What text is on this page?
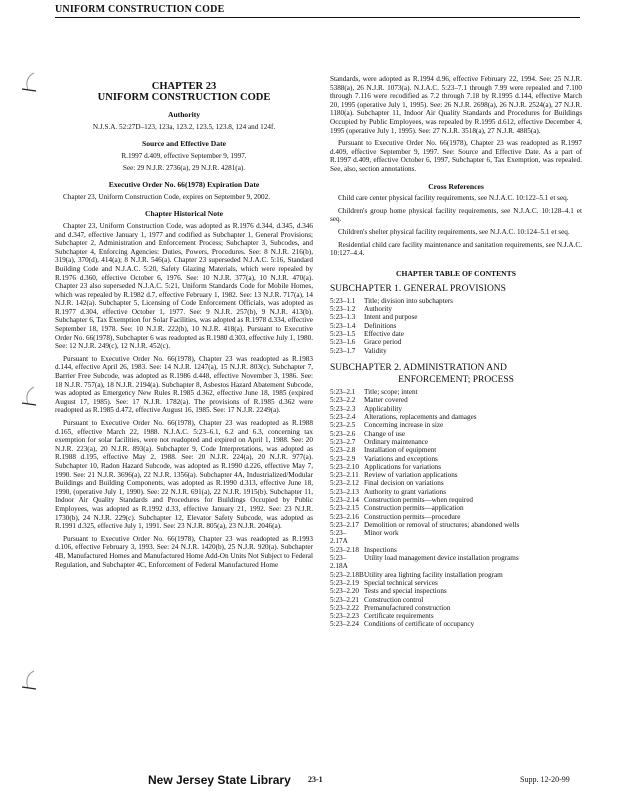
UNIFORM CONSTRUCTION CODE
CHAPTER 23
UNIFORM CONSTRUCTION CODE
Authority

N.J.S.A. 52:27D–123, 123a, 123.2, 123.5, 123.8, 124 and 124f.

Source and Effective Date

R.1997 d.409, effective September 9, 1997.

See: 29 N.J.R. 2736(a), 29 N.J.R. 4281(a).

Executive Order No. 66(1978) Expiration Date

Chapter 23, Uniform Construction Code, expires on September 9, 2002.

Chapter Historical Note

Chapter 23, Uniform Construction Code, was adopted as R.1976 d.344, d.345, d.346 and d.347, effective January 1, 1977 and codified as Subchapter 1, General Provisions; Subchapter 2, Administration and Enforcement Process; Subchapter 3, Subcodes, and Subchapter 4, Enforcing Agencies: Duties, Powers, Procedures. See: 8 N.J.R. 216(b), 319(a), 370(d), 414(a); 8 N.J.R. 546(a). Chapter 23 superseded N.J.A.C. 5:16, Standard Building Code and N.J.A.C. 5:20, Safety Glazing Materials, which were repealed by R.1976 d.360, effective October 6, 1976. See: 10 N.J.R. 377(a), 10 N.J.R. 470(a). Chapter 23 also superseded N.J.A.C. 5:21, Uniform Standards Code for Mobile Homes, which was repealed by R.1982 d.7, effective February 1, 1982. See: 13 N.J.R. 717(a), 14 N.J.R. 142(a). Subchapter 5, Licensing of Code Enforcement Officials, was adopted as R.1977 d.304, effective October 1, 1977. See: 9 N.J.R. 257(b), 9 N.J.R. 413(b). Subchapter 6, Tax Exemption for Solar Facilities, was adopted as R.1978 d.334, effective September 18, 1978. See: 10 N.J.R. 222(b), 10 N.J.R. 418(a). Pursuant to Executive Order No. 66(1978), Subchapter 6 was readopted as R.1980 d.303, effective July 1, 1980. See: 12 N.J.R. 249(c), 12 N.J.R. 452(c).

Pursuant to Executive Order No. 66(1978), Chapter 23 was readopted as R.1983 d.144, effective April 26, 1983. See: 14 N.J.R. 1247(a), 15 N.J.R. 803(c). Subchapter 7, Barrier Free Subcode, was adopted as R.1986 d.448, effective November 3, 1986. See: 18 N.J.R. 757(a), 18 N.J.R. 2194(a). Subchapter 8, Asbestos Hazard Abatement Subcode, was adopted as Emergency New Rules R.1985 d.362, effective June 18, 1985 (expired August 17, 1985). See: 17 N.J.R. 1782(a). The provisions of R.1985 d.362 were readopted as R.1985 d.472, effective August 16, 1985. See: 17 N.J.R. 2249(a).

Pursuant to Executive Order No. 66(1978), Chapter 23 was readopted as R.1988 d.165, effective March 22, 1988. N.J.A.C. 5:23–6.1, 6.2 and 6.3, concerning tax exemption for solar facilities, were not readopted and expired on April 1, 1988. See: 20 N.J.R. 223(a), 20 N.J.R. 893(a). Subchapter 9, Code Interpretations, was adopted as R.1988 d.195, effective May 2, 1988. See: 20 N.J.R. 224(a), 20 N.J.R. 977(a). Subchapter 10, Radon Hazard Subcode, was adopted as R.1990 d.226, effective May 7, 1990. See: 21 N.J.R. 3696(a), 22 N.J.R. 1356(a). Subchapter 4A, Industrialized/Modular Buildings and Building Components, was adopted as R.1990 d.313, effective June 18, 1990, (operative July 1, 1990). See: 22 N.J.R. 691(a), 22 N.J.R. 1915(b). Subchapter 11, Indoor Air Quality Standards and Procedures for Buildings Occupied by Public Employees, was adopted as R.1992 d.33, effective January 21, 1992. See: 23 N.J.R. 1730(b), 24 N.J.R. 229(c). Subchapter 12, Elevator Safety Subcode, was adopted as R.1991 d.325, effective July 1, 1991. See: 23 N.J.R. 805(a), 23 N.J.R. 2046(a).

Pursuant to Executive Order No. 66(1978), Chapter 23 was readopted as R.1993 d.106, effective February 3, 1993. See: 24 N.J.R. 1420(b), 25 N.J.R. 920(a). Subchapter 4B, Manufactured Homes and Manufactured Home Add-On Units Not Subject to Federal Regulation, and Subchapter 4C, Enforcement of Federal Manufactured Home

Standards, were adopted as R.1994 d.96, effective February 22, 1994. See: 25 N.J.R. 5388(a), 26 N.J.R. 1073(a). N.J.A.C. 5:23–7.1 through 7.99 were repealed and 7.100 through 7.116 were recodified as 7.2 through 7.18 by R.1995 d.144, effective March 20, 1995 (operative July 1, 1995). See: 26 N.J.R. 2698(a), 26 N.J.R. 2524(a), 27 N.J.R. 1180(a). Subchapter 11, Indoor Air Quality Standards and Procedures for Buildings Occupied by Public Employees, was repealed by R.1995 d.612, effective December 4, 1995 (operative July 1, 1995). See: 27 N.J.R. 3518(a), 27 N.J.R. 4885(a).

Pursuant to Executive Order No. 66(1978), Chapter 23 was readopted as R.1997 d.409, effective September 9, 1997. See: Source and Effective Date. As a part of R.1997 d.409, effective October 6, 1997, Subchapter 6, Tax Exemption, was repealed. See, also, section annotations.

Cross References

Child care center physical facility requirements, see N.J.A.C. 10:122–5.1 et seq.

Children's group home physical facility requirements, see N.J.A.C. 10:128–4.1 et seq.

Children's shelter physical facility requirements, see N.J.A.C. 10:124–5.1 et seq.

Residential child care facility maintenance and sanitation requirements, see N.J.A.C. 10:127–4.4.

CHAPTER TABLE OF CONTENTS
SUBCHAPTER 1. GENERAL PROVISIONS
5:23–1.1	Title; division into subchapters
5:23–1.2	Authority
5:23–1.3	Intent and purpose
5:23–1.4	Definitions
5:23–1.5	Effective date
5:23–1.6	Grace period
5:23–1.7	Validity
SUBCHAPTER 2. ADMINISTRATION AND
ENFORCEMENT; PROCESS
5:23–2.1	Title; scope; intent
5:23–2.2	Matter covered
5:23–2.3	Applicability
5:23–2.4	Alterations, replacements and damages
5:23–2.5	Concerning increase in size
5:23–2.6	Change of use
5:23–2.7	Ordinary maintenance
5:23–2.8	Installation of equipment
5:23–2.9	Variations and exceptions
5:23–2.10 Applications for variations
5:23–2.11 Review of variation applications
5:23–2.12 Final decision on variations
5:23–2.13 Authority to grant variations
5:23–2.14 Construction permits—when required
5:23–2.15 Construction permits—application
5:23–2.16 Construction permits—procedure
5:23–2.17 Demolition or removal of structures; abandoned wells
5:23–2.17A
Minor work
5:23–2.18 Inspections
5:23–2.18A
Utility load management device installation programs
5:23–2.18B Utility area lighting facility installation program
5:23–2.19 Special technical services
5:23–2.20 Tests and special inspections
5:23–2.21 Construction control
5:23–2.22 Premanufactured construction
5:23–2.23 Certificate requirements
5:23–2.24 Conditions of certificate of occupancy
New Jersey State Library 23-1	Supp. 12-20-99
